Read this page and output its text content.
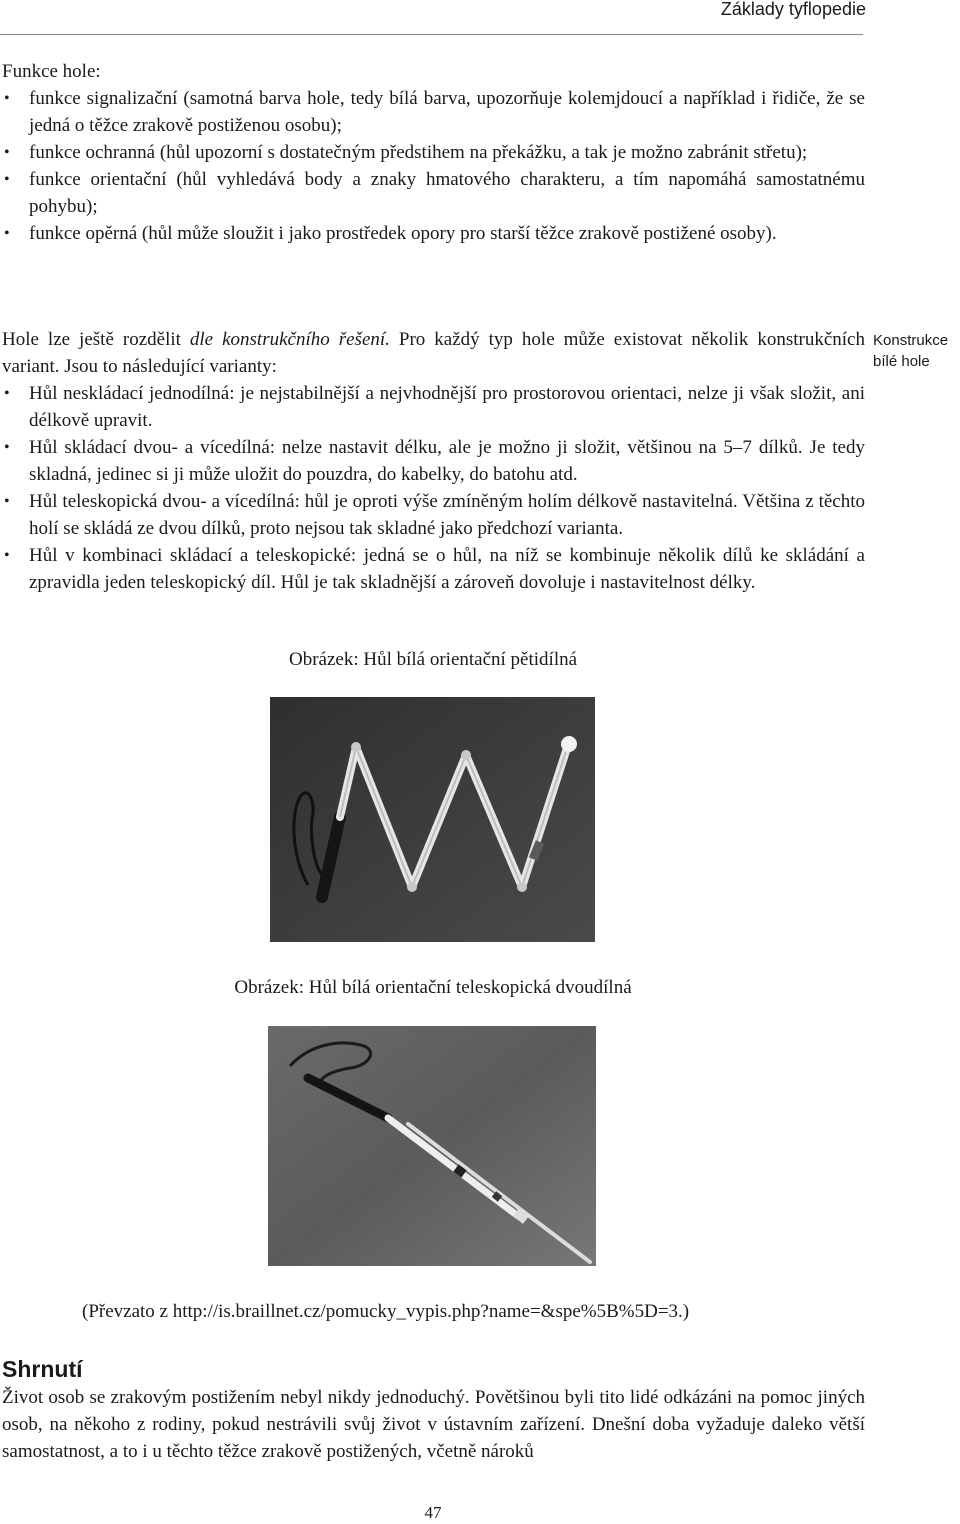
Základy tyflopedie

Funkce hole:

• funkce signalizační (samotná barva hole, tedy bílá barva, upozorňuje kolemjdoucí a například i řidiče, že se jedná o těžce zrakově postiženou osobu);
• funkce ochranná (hůl upozorní s dostatečným předstihem na překážku, a tak je možno zabránit střetu);
• funkce orientační (hůl vyhledává body a znaky hmatového charakteru, a tím napomáhá samostatnému pohybu);
• funkce opěrná (hůl může sloužit i jako prostředek opory pro starší těžce zrakově postižené osoby).

Hole lze ještě rozdělit dle konstrukčního řešení. Pro každý typ hole může existovat několik konstrukčních variant. Jsou to následující varianty:

• Hůl neskládací jednodílná: je nejstabilnější a nejvhodnější pro prostorovou orientaci, nelze ji však složit, ani délkově upravit.
• Hůl skládací dvou- a vícedílná: nelze nastavit délku, ale je možno ji složit, většinou na 5–7 dílků. Je tedy skladná, jedinec si ji může uložit do pouzdra, do kabelky, do batohu atd.
• Hůl teleskopická dvou- a vícedílná: hůl je oproti výše zmíněným holím délkově nastavitelná. Většina z těchto holí se skládá ze dvou dílků, proto nejsou tak skladné jako předchozí varianta.
• Hůl v kombinaci skládací a teleskopické: jedná se o hůl, na níž se kombinuje několik dílů ke skládání a zpravidla jeden teleskopický díl. Hůl je tak skladnější a zároveň dovoluje i nastavitelnost délky.
Konstrukce bílé hole
Obrázek: Hůl bílá orientační pětidílná
Obrázek: Hůl bílá orientační teleskopická dvoudílná
(Převzato z http://is.braillnet.cz/pomucky_vypis.php?name=&spe%5B%5D=3.)
Shrnutí
Život osob se zrakovým postižením nebyl nikdy jednoduchý. Povětšinou byli tito lidé odkázáni na pomoc jiných osob, na někoho z rodiny, pokud nestrávili svůj život v ústavním zařízení. Dnešní doba vyžaduje daleko větší samostatnost, a to i u těchto těžce zrakově postižených, včetně nároků
47
